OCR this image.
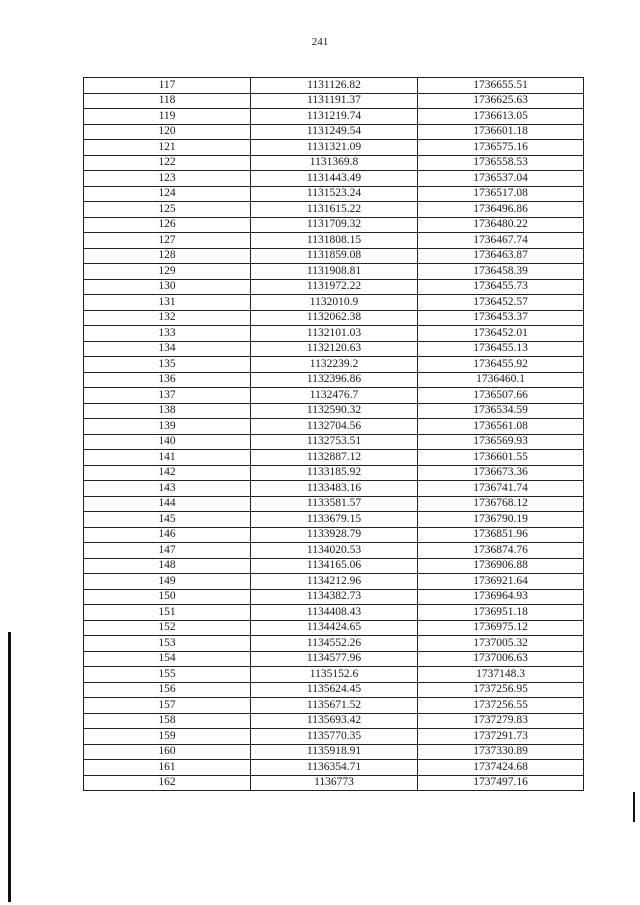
241
117	1131126.82	1736655.51
118	1131191.37	1736625.63
119	1131219.74	1736613.05
120	1131249.54	1736601.18
121	1131321.09	1736575.16
122	1131369.8	1736558.53
123	1131443.49	1736537.04
124	1131523.24	1736517.08
125	1131615.22	1736496.86
126	1131709.32	1736480.22
127	1131808.15	1736467.74
128	1131859.08	1736463.87
129	1131908.81	1736458.39
130	1131972.22	1736455.73
131	1132010.9	1736452.57
132	1132062.38	1736453.37
133	1132101.03	1736452.01
134	1132120.63	1736455.13
135	1132239.2	1736455.92
136	1132396.86	1736460.1
137	1132476.7	1736507.66
138	1132590.32	1736534.59
139	1132704.56	1736561.08
140	1132753.51	1736569.93
141	1132887.12	1736601.55
142	1133185.92	1736673.36
143	1133483.16	1736741.74
144	1133581.57	1736768.12
145	1133679.15	1736790.19
146	1133928.79	1736851.96
147	1134020.53	1736874.76
148	1134165.06	1736906.88
149	1134212.96	1736921.64
150	1134382.73	1736964.93
151	1134408.43	1736951.18
152	1134424.65	1736975.12
153	1134552.26	1737005.32
154	1134577.96	1737006.63
155	1135152.6	1737148.3
156	1135624.45	1737256.95
157	1135671.52	1737256.55
158	1135693.42	1737279.83
159	1135770.35	1737291.73
160	1135918.91	1737330.89
161	1136354.71	1737424.68
162	1136773	1737497.16
